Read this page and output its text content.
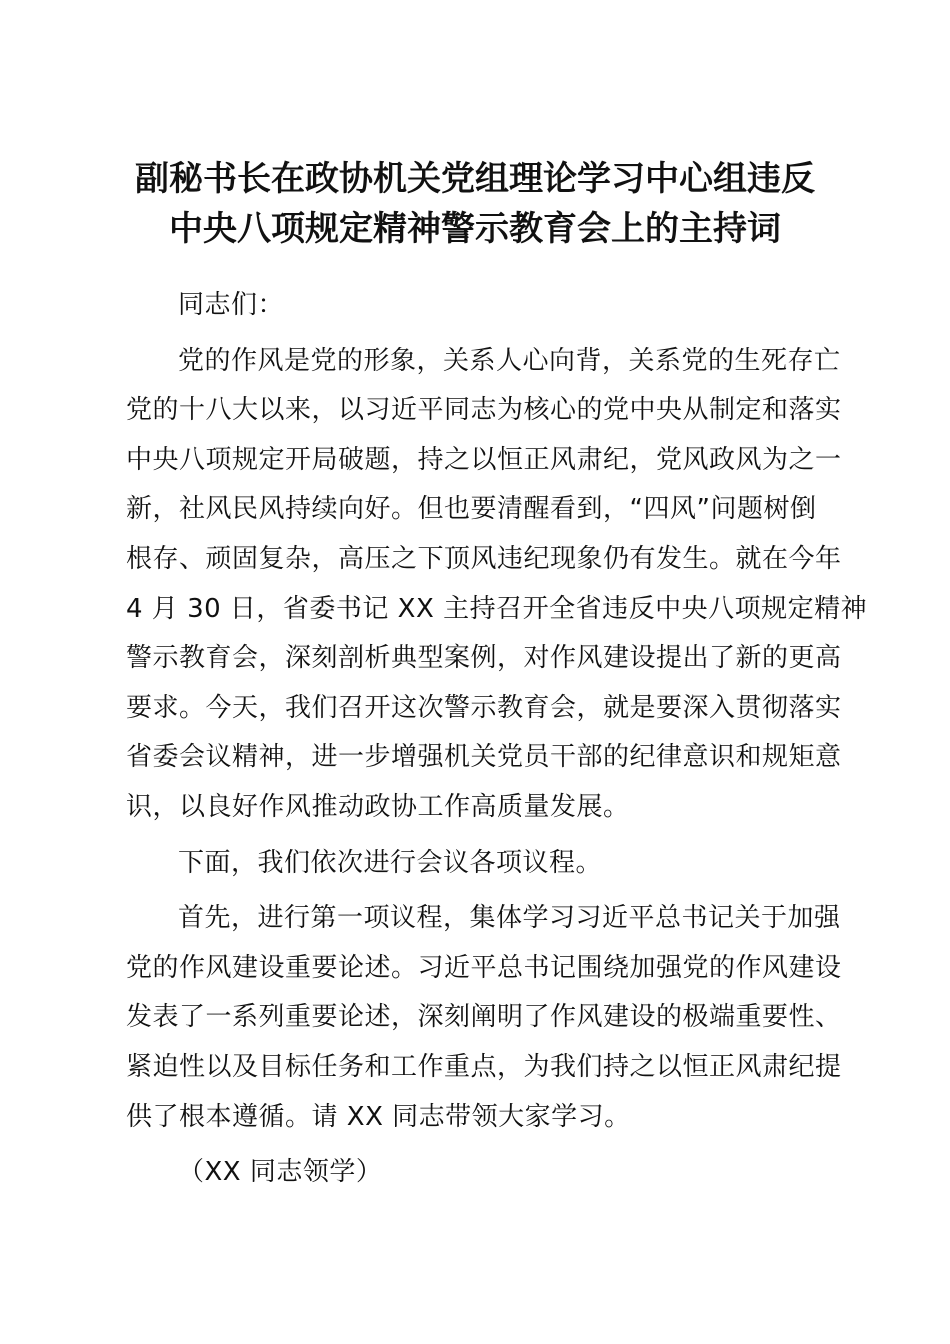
副秘书长在政协机关党组理论学习中心组违反
中央八项规定精神警示教育会上的主持词
同志们：
党的作风是党的形象，关系人心向背，关系党的生死存亡
党的十八大以来，以习近平同志为核心的党中央从制定和落实
中央八项规定开局破题，持之以恒正风肃纪，党风政风为之一
新，社风民风持续向好。但也要清醒看到，“四风”问题树倒
根存、顽固复杂，高压之下顶风违纪现象仍有发生。就在今年
4 月 30 日，省委书记 XX 主持召开全省违反中央八项规定精神
警示教育会，深刻剖析典型案例，对作风建设提出了新的更高
要求。今天，我们召开这次警示教育会，就是要深入贯彻落实
省委会议精神，进一步增强机关党员干部的纪律意识和规矩意
识，以良好作风推动政协工作高质量发展。
下面，我们依次进行会议各项议程。
首先，进行第一项议程，集体学习习近平总书记关于加强
党的作风建设重要论述。习近平总书记围绕加强党的作风建设
发表了一系列重要论述，深刻阐明了作风建设的极端重要性、
紧迫性以及目标任务和工作重点，为我们持之以恒正风肃纪提
供了根本遵循。请 XX 同志带领大家学习。
（XX 同志领学）
